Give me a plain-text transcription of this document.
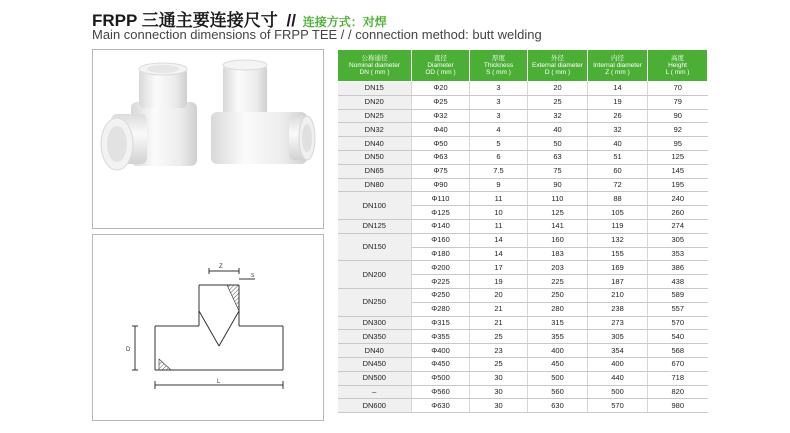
FRPP 三通主要连接尺寸 // 连接方式：对焊
Main connection dimensions of FRPP TEE / / connection method: butt welding
Z
S
D
L
公称通径
Nominal diameter
DN ( mm )	直径
Diameter
OD ( mm )	厚度
Thickness
S ( mm )	外径
External diameter
D ( mm )	内径
Internal diameter
Z ( mm )	高度
Height
L ( mm )

DN15	Φ20	3	20	14	70
DN20	Φ25	3	25	19	79
DN25	Φ32	3	32	26	90
DN32	Φ40	4	40	32	92
DN40	Φ50	5	50	40	95
DN50	Φ63	6	63	51	125
DN65	Φ75	7.5	75	60	145
DN80	Φ90	9	90	72	195
DN100	Φ110	11	110	88	240
	Φ125	10	125	105	260
DN125	Φ140	11	141	119	274
DN150	Φ160	14	160	132	305
	Φ180	14	183	155	353
DN200	Φ200	17	203	169	386
	Φ225	19	225	187	438
DN250	Φ250	20	250	210	589
	Φ280	21	280	238	557
DN300	Φ315	21	315	273	570
DN350	Φ355	25	355	305	540
DN40	Φ400	23	400	354	568
DN450	Φ450	25	450	400	670
DN500	Φ500	30	500	440	718
–	Φ560	30	560	500	820
DN600	Φ630	30	630	570	980
